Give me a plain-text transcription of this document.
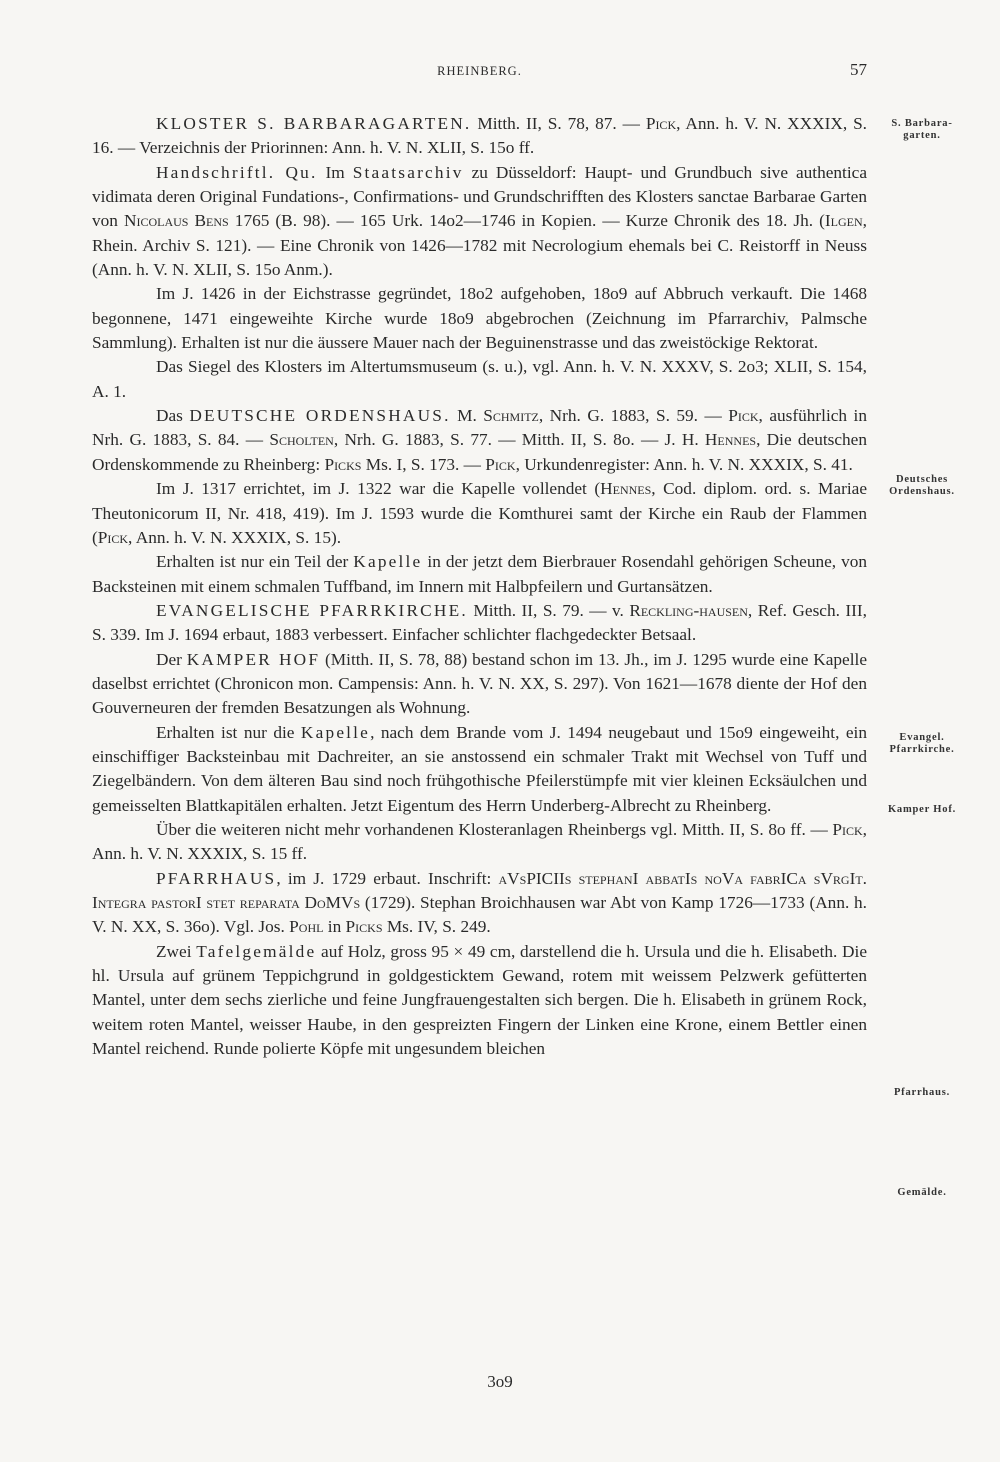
RHEINBERG.	57

KLOSTER S. BARBARAGARTEN. Mitth. II, S. 78, 87. — Pick, Ann. h. V. N. XXXIX, S. 16. — Verzeichnis der Priorinnen: Ann. h. V. N. XLII, S. 15o ff.

Handschriftl. Qu. Im Staatsarchiv zu Düsseldorf: Haupt- und Grundbuch sive authentica vidimata deren Original Fundations-, Confirmations- und Grundschrifften des Klosters sanctae Barbarae Garten von Nicolaus Bens 1765 (B. 98). — 165 Urk. 14o2—1746 in Kopien. — Kurze Chronik des 18. Jh. (Ilgen, Rhein. Archiv S. 121). — Eine Chronik von 1426—1782 mit Necrologium ehemals bei C. Reistorff in Neuss (Ann. h. V. N. XLII, S. 15o Anm.).

Im J. 1426 in der Eichstrasse gegründet, 18o2 aufgehoben, 18o9 auf Abbruch verkauft. Die 1468 begonnene, 1471 eingeweihte Kirche wurde 18o9 abgebrochen (Zeichnung im Pfarrarchiv, Palmsche Sammlung). Erhalten ist nur die äussere Mauer nach der Beguinenstrasse und das zweistöckige Rektorat.

Das Siegel des Klosters im Altertumsmuseum (s. u.), vgl. Ann. h. V. N. XXXV, S. 2o3; XLII, S. 154, A. 1.

Das DEUTSCHE ORDENSHAUS. M. Schmitz, Nrh. G. 1883, S. 59. — Pick, ausführlich in Nrh. G. 1883, S. 84. — Scholten, Nrh. G. 1883, S. 77. — Mitth. II, S. 8o. — J. H. Hennes, Die deutschen Ordenskommende zu Rheinberg: Picks Ms. I, S. 173. — Pick, Urkundenregister: Ann. h. V. N. XXXIX, S. 41.

Im J. 1317 errichtet, im J. 1322 war die Kapelle vollendet (Hennes, Cod. diplom. ord. s. Mariae Theutonicorum II, Nr. 418, 419). Im J. 1593 wurde die Komthurei samt der Kirche ein Raub der Flammen (Pick, Ann. h. V. N. XXXIX, S. 15).

Erhalten ist nur ein Teil der Kapelle in der jetzt dem Bierbrauer Rosendahl gehörigen Scheune, von Backsteinen mit einem schmalen Tuffband, im Innern mit Halbpfeilern und Gurtansätzen.

EVANGELISCHE PFARRKIRCHE. Mitth. II, S. 79. — v. Reckling-hausen, Ref. Gesch. III, S. 339. Im J. 1694 erbaut, 1883 verbessert. Einfacher schlichter flachgedeckter Betsaal.

Der KAMPER HOF (Mitth. II, S. 78, 88) bestand schon im 13. Jh., im J. 1295 wurde eine Kapelle daselbst errichtet (Chronicon mon. Campensis: Ann. h. V. N. XX, S. 297). Von 1621—1678 diente der Hof den Gouverneuren der fremden Besatzungen als Wohnung.

Erhalten ist nur die Kapelle, nach dem Brande vom J. 1494 neugebaut und 15o9 eingeweiht, ein einschiffiger Backsteinbau mit Dachreiter, an sie anstossend ein schmaler Trakt mit Wechsel von Tuff und Ziegelbändern. Von dem älteren Bau sind noch frühgothische Pfeilerstümpfe mit vier kleinen Ecksäulchen und gemeisselten Blattkapitälen erhalten. Jetzt Eigentum des Herrn Underberg-Albrecht zu Rheinberg.

Über die weiteren nicht mehr vorhandenen Klosteranlagen Rheinbergs vgl. Mitth. II, S. 8o ff. — Pick, Ann. h. V. N. XXXIX, S. 15 ff.

PFARRHAUS, im J. 1729 erbaut. Inschrift: aVsPICIIs stephanI abbatIs noVa fabrICa sVrgIt. Integra pastorI stet reparata DoMVs (1729). Stephan Broichhausen war Abt von Kamp 1726—1733 (Ann. h. V. N. XX, S. 36o). Vgl. Jos. Pohl in Picks Ms. IV, S. 249.

Zwei Tafelgemälde auf Holz, gross 95 × 49 cm, darstellend die h. Ursula und die h. Elisabeth. Die hl. Ursula auf grünem Teppichgrund in goldgesticktem Gewand, rotem mit weissem Pelzwerk gefütterten Mantel, unter dem sechs zierliche und feine Jungfrauengestalten sich bergen. Die h. Elisabeth in grünem Rock, weitem roten Mantel, weisser Haube, in den gespreizten Fingern der Linken eine Krone, einem Bettler einen Mantel reichend. Runde polierte Köpfe mit ungesundem bleichen

S. Barbara-
garten.
Deutsches
Ordenshaus.
Evangel.
Pfarrkirche.
Kamper Hof.
Pfarrhaus.
Gemälde.
3o9
